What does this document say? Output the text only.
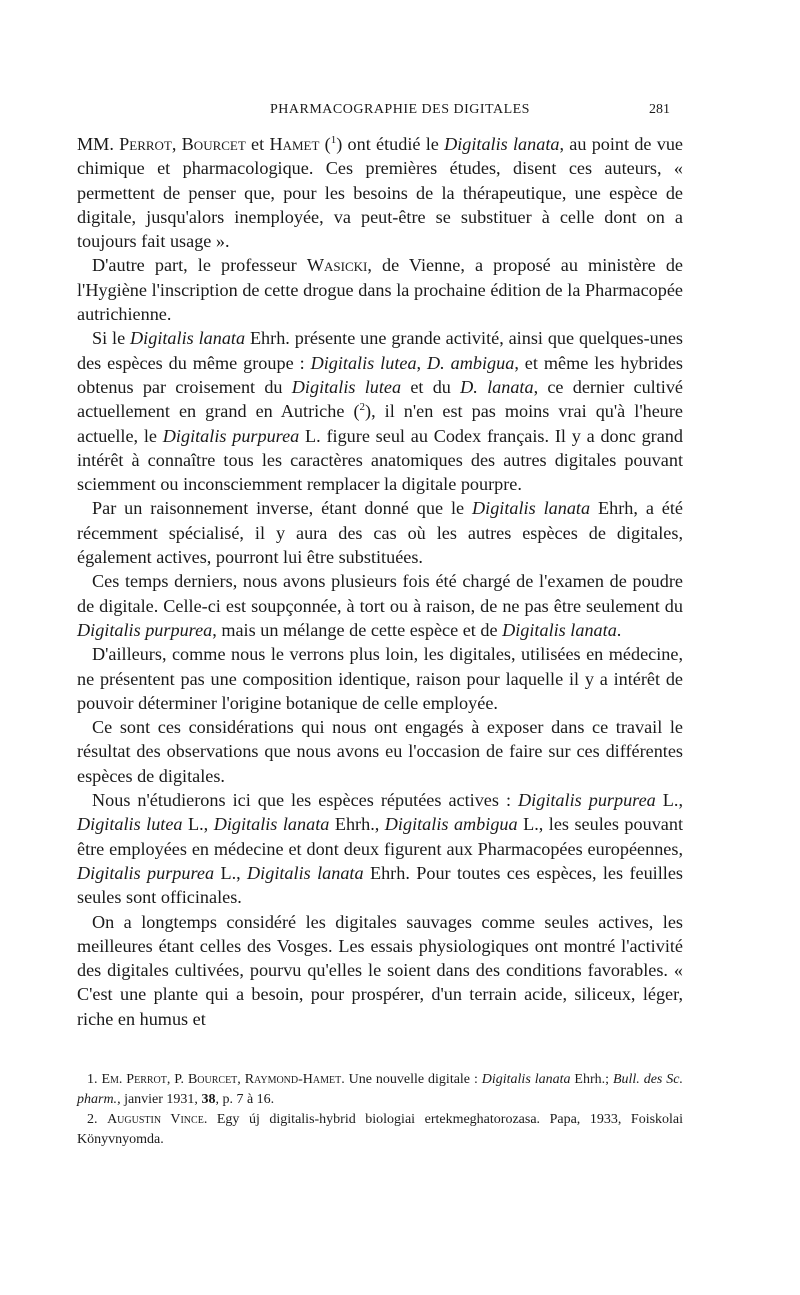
PHARMACOGRAPHIE DES DIGITALES	281

MM. Perrot, Bourcet et Hamet ($^1$) ont étudié le Digitalis lanata, au point de vue chimique et pharmacologique. Ces premières études, disent ces auteurs, « permettent de penser que, pour les besoins de la thérapeutique, une espèce de digitale, jusqu'alors inemployée, va peut-être se substituer à celle dont on a toujours fait usage ».

D'autre part, le professeur Wasicki, de Vienne, a proposé au ministère de l'Hygiène l'inscription de cette drogue dans la prochaine édition de la Pharmacopée autrichienne.

Si le Digitalis lanata Ehrh. présente une grande activité, ainsi que quelques-unes des espèces du même groupe : Digitalis lutea, D. ambigua, et même les hybrides obtenus par croisement du Digitalis lutea et du D. lanata, ce dernier cultivé actuellement en grand en Autriche ($^2$), il n'en est pas moins vrai qu'à l'heure actuelle, le Digitalis purpurea L. figure seul au Codex français. Il y a donc grand intérêt à connaître tous les caractères anatomiques des autres digitales pouvant sciemment ou inconsciemment remplacer la digitale pourpre.

Par un raisonnement inverse, étant donné que le Digitalis lanata Ehrh, a été récemment spécialisé, il y aura des cas où les autres espèces de digitales, également actives, pourront lui être substituées.

Ces temps derniers, nous avons plusieurs fois été chargé de l'examen de poudre de digitale. Celle-ci est soupçonnée, à tort ou à raison, de ne pas être seulement du Digitalis purpurea, mais un mélange de cette espèce et de Digitalis lanata.

D'ailleurs, comme nous le verrons plus loin, les digitales, utilisées en médecine, ne présentent pas une composition identique, raison pour laquelle il y a intérêt de pouvoir déterminer l'origine botanique de celle employée.

Ce sont ces considérations qui nous ont engagés à exposer dans ce travail le résultat des observations que nous avons eu l'occasion de faire sur ces différentes espèces de digitales.

Nous n'étudierons ici que les espèces réputées actives : Digitalis purpurea L., Digitalis lutea L., Digitalis lanata Ehrh., Digitalis ambigua L., les seules pouvant être employées en médecine et dont deux figurent aux Pharmacopées européennes, Digitalis purpurea L., Digitalis lanata Ehrh. Pour toutes ces espèces, les feuilles seules sont officinales.

On a longtemps considéré les digitales sauvages comme seules actives, les meilleures étant celles des Vosges. Les essais physiologiques ont montré l'activité des digitales cultivées, pourvu qu'elles le soient dans des conditions favorables. « C'est une plante qui a besoin, pour prospérer, d'un terrain acide, siliceux, léger, riche en humus et

1. Em. Perrot, P. Bourcet, Raymond-Hamet. Une nouvelle digitale : Digitalis lanata Ehrh.; Bull. des Sc. pharm., janvier 1931, 38, p. 7 à 16.

2. Augustin Vince. Egy új digitalis-hybrid biologiai ertekmeghatorozasa. Papa, 1933, Foiskolai Könyvnyomda.
